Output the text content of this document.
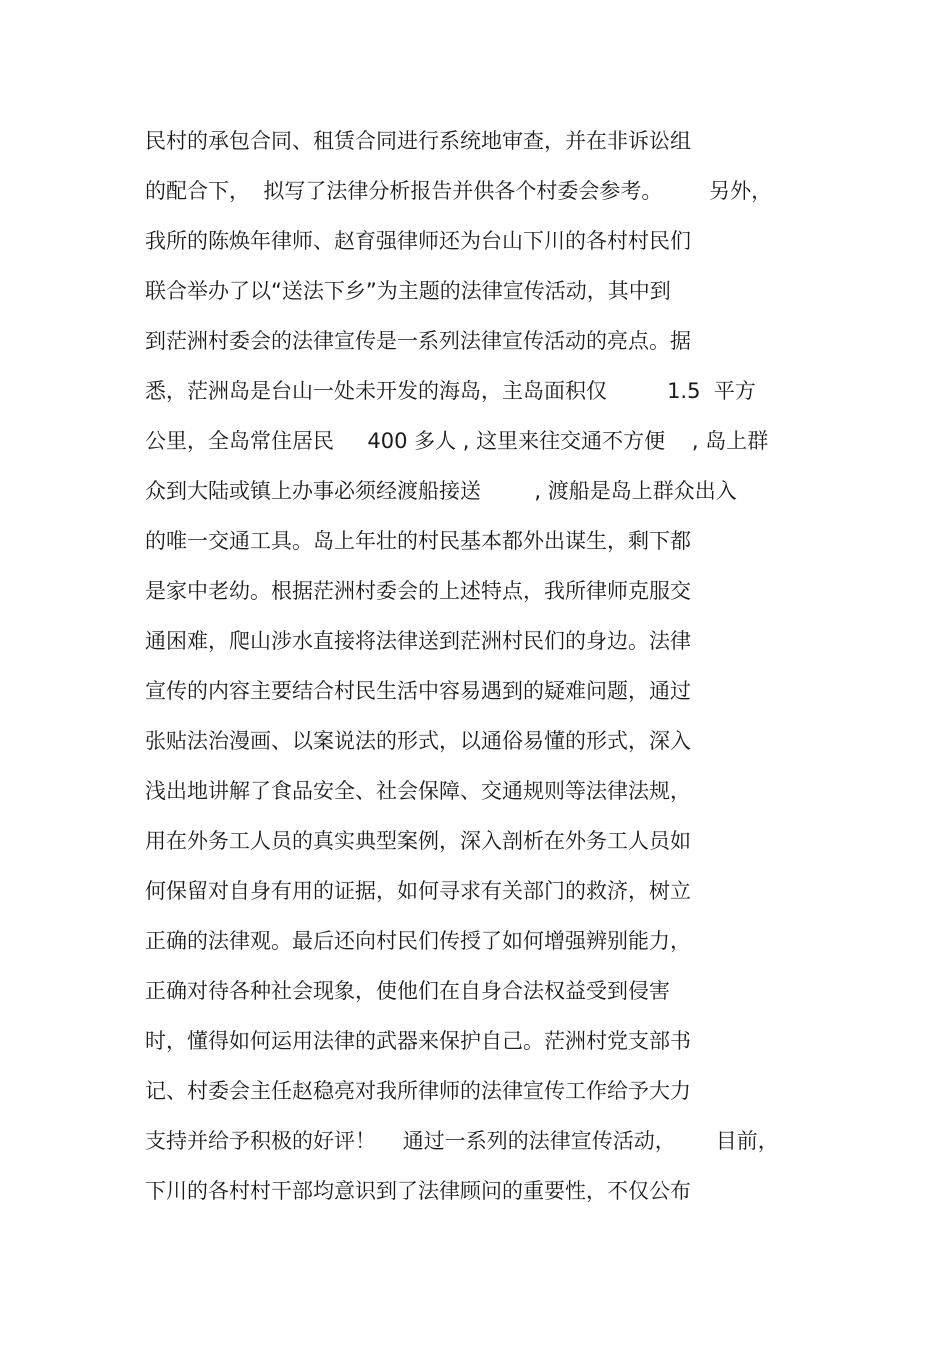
民村的承包合同、租赁合同进行系统地审查，并在非诉讼组
的配合下，  拟写了法律分析报告并供各个村委会参考。       另外，
我所的陈焕年律师、赵育强律师还为台山下川的各村村民们
联合举办了以“送法下乡”为主题的法律宣传活动，其中到
到茫洲村委会的法律宣传是一系列法律宣传活动的亮点。据
悉，茫洲岛是台山一处未开发的海岛，主岛面积仅         1.5  平方
公里，全岛常住居民     400 多人 , 这里来往交通不方便    , 岛上群
众到大陆或镇上办事必须经渡船接送        , 渡船是岛上群众出入
的唯一交通工具。岛上年壮的村民基本都外出谋生，剩下都
是家中老幼。根据茫洲村委会的上述特点，我所律师克服交
通困难，爬山涉水直接将法律送到茫洲村民们的身边。法律
宣传的内容主要结合村民生活中容易遇到的疑难问题，通过
张贴法治漫画、以案说法的形式，以通俗易懂的形式，深入
浅出地讲解了食品安全、社会保障、交通规则等法律法规，
用在外务工人员的真实典型案例，深入剖析在外务工人员如
何保留对自身有用的证据，如何寻求有关部门的救济，树立
正确的法律观。最后还向村民们传授了如何增强辨别能力，
正确对待各种社会现象，使他们在自身合法权益受到侵害
时，懂得如何运用法律的武器来保护自己。茫洲村党支部书
记、村委会主任赵稳亮对我所律师的法律宣传工作给予大力
支持并给予积极的好评！    通过一系列的法律宣传活动，      目前，
下川的各村村干部均意识到了法律顾问的重要性，不仅公布
